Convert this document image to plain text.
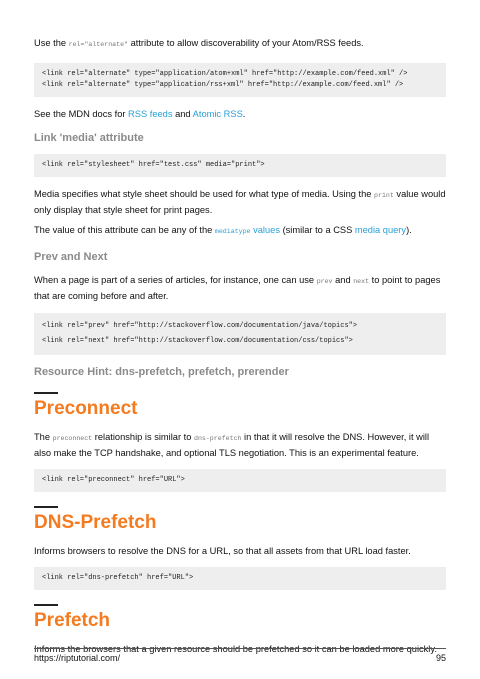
Use the rel="alternate" attribute to allow discoverability of your Atom/RSS feeds.

<link rel="alternate" type="application/atom+xml" href="http://example.com/feed.xml" />
<link rel="alternate" type="application/rss+xml" href="http://example.com/feed.xml" />

See the MDN docs for RSS feeds and Atomic RSS.

Link 'media' attribute
<link rel="stylesheet" href="test.css" media="print">

Media specifies what style sheet should be used for what type of media. Using the print value would only display that style sheet for print pages.

The value of this attribute can be any of the mediatype values (similar to a CSS media query).

Prev and Next

When a page is part of a series of articles, for instance, one can use prev and next to point to pages that are coming before and after.

<link rel="prev" href="http://stackoverflow.com/documentation/java/topics">
<link rel="next" href="http://stackoverflow.com/documentation/css/topics">
Resource Hint: dns-prefetch, prefetch, prerender
Preconnect

The preconnect relationship is similar to dns-prefetch in that it will resolve the DNS. However, it will also make the TCP handshake, and optional TLS negotiation. This is an experimental feature.

<link rel="preconnect" href="URL">
DNS-Prefetch

Informs browsers to resolve the DNS for a URL, so that all assets from that URL load faster.

<link rel="dns-prefetch" href="URL">
Prefetch

Informs the browsers that a given resource should be prefetched so it can be loaded more quickly.

https://riptutorial.com/	95
